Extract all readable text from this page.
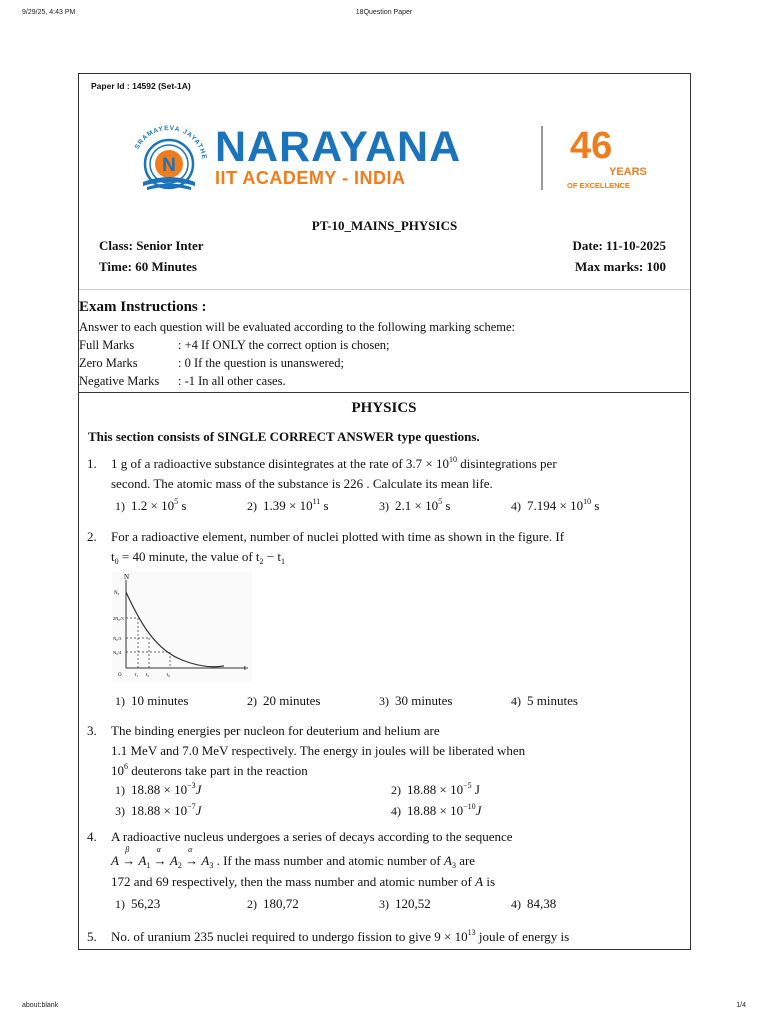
9/29/25, 4:43 PM	18Question Paper
Paper Id : 14592 (Set-1A)
SRAMAYEVA JAYATHE
N NARAYANA
IIT ACADEMY - INDIA
46
YEARS
OF EXCELLENCE
PT-10_MAINS_PHYSICS
Class: Senior Inter	Date: 11-10-2025
Time: 60 Minutes	Max marks: 100
Exam Instructions :
Answer to each question will be evaluated according to the following marking scheme:
Full Marks	: +4 If ONLY the correct option is chosen;
Zero Marks	: 0 If the question is unanswered;
Negative Marks : -1 In all other cases.
PHYSICS
This section consists of SINGLE CORRECT ANSWER type questions.
1. 1 g of a radioactive substance disintegrates at the rate of $3.7 \times 10^{10}$ disintegrations per
second. The atomic mass of the substance is 226 . Calculate its mean life.
1) $1.2 \times 10^5$ s	2) $1.39 \times 10^{11}$ s	3) $2.1 \times 10^5$ s	4) $7.194 \times 10^{10}$ s
2. For a radioactive element, number of nuclei plotted with time as shown in the figure. If
$t_0 = 40$ minute, the value of $t_2 - t_1$
N
t
N₀
2N₀/3
N₀/3
N₀/4
O	t₁ t₂	t₀
1) 10 minutes	2) 20 minutes	3) 30 minutes	4) 5 minutes
3. The binding energies per nucleon for deuterium and helium are
1.1 MeV and 7.0 MeV respectively. The energy in joules will be liberated when
$10^6$ deuterons take part in the reaction
1) $18.88 \times 10^{-3}J$	2) $18.88 \times 10^{-5}$ J
3) $18.88 \times 10^{-7}J$	4) $18.88 \times 10^{-10}J$
4. A radioactive nucleus undergoes a series of decays according to the sequence
A →
β
$A_1$ →
α
$A_2$ →
α
$A_3$ . If the mass number and atomic number of $A_3$ are
172 and 69 respectively, then the mass number and atomic number of A is
1) 56,23	2) 180,72	3) 120,52	4) 84,38
5. No. of uranium 235 nuclei required to undergo fission to give $9 \times 10^{13}$ joule of energy is
about:blank	1/4
